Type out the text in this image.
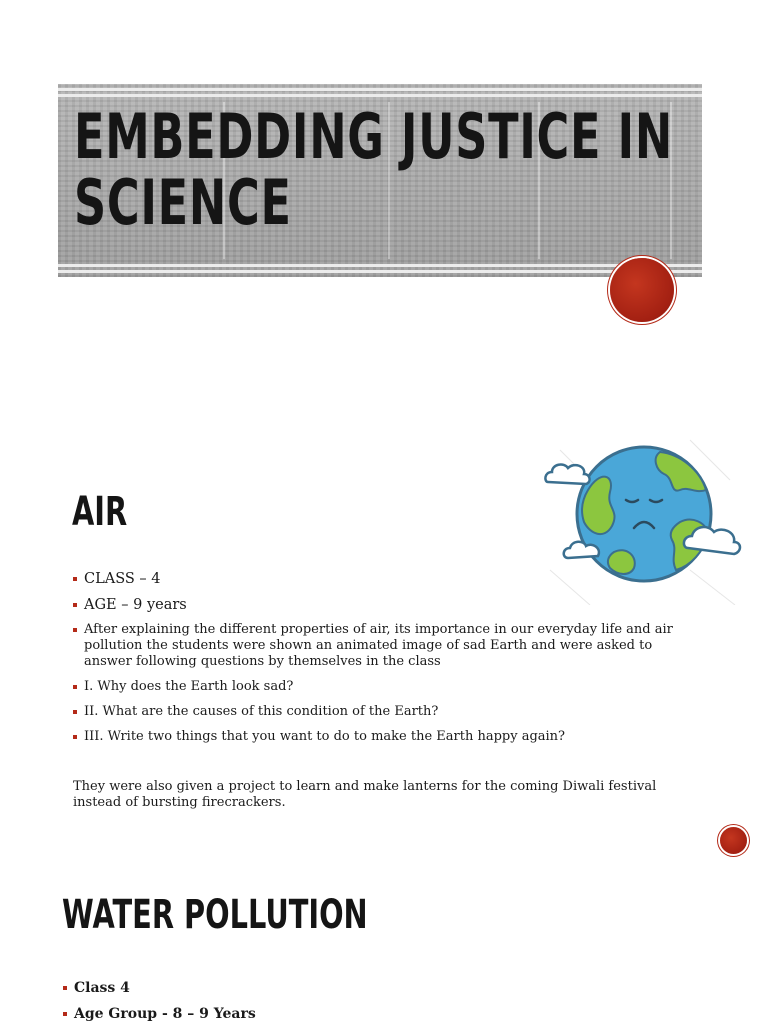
EMBEDDING JUSTICE IN SCIENCE
AIR
CLASS – 4
AGE – 9 years
After explaining the different properties of air, its importance in our everyday life and air pollution the students were shown an animated image of sad Earth and were asked to answer following questions by themselves in the class
I. Why does the Earth look sad?
II. What are the causes of this condition of the Earth?
III. Write two things that you want to do to make the Earth happy again?
They were also given a project to learn and make lanterns for the coming Diwali festival instead of bursting firecrackers.
WATER POLLUTION
Class 4
Age Group - 8 – 9 Years
